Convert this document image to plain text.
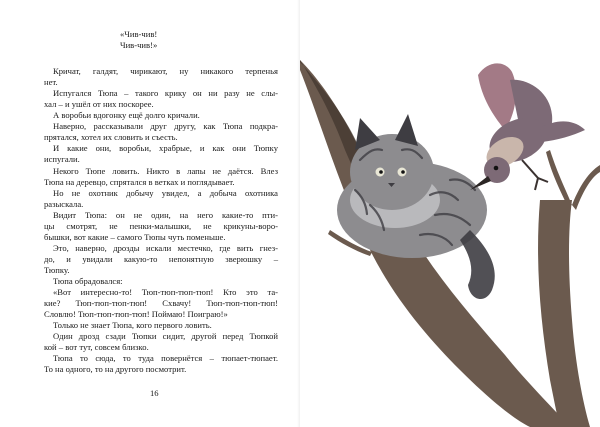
«Чив-чив!
Чив-чив!»
Кричат, галдят, чирикают, ну никакого терпенья
нет.
Испугался Тюпа – такого крику он ни разу не слы-
хал – и ушёл от них поскорее.
А воробьи вдогонку ещё долго кричали.
Наверно, рассказывали друг другу, как Тюпа подкра-
прятался, хотел их словить и съесть.
И какие они, воробьи, храбрые, и как они Тюпку
испугали.
Некого Тюпе ловить. Никто в лапы не даётся. Влез
Тюпа на деревцо, спрятался в ветках и поглядывает.
Но не охотник добычу увидел, а добыча охотника
разыскала.
Видит Тюпа: он не один, на него какие-то пти-
цы смотрят, не пенки-малышки, не крикуны-воро-
бышки, вот какие – самого Тюпы чуть поменьше.
Это, наверно, дрозды искали местечко, где вить гнез-
до, и увидали какую-то непонятную зверюшку –
Тюпку.
Тюпа обрадовался:
«Вот интересно-то! Тюп-тюп-тюп-тюп! Кто это та-
кие? Тюп-тюп-тюп-тюп! Схвачу! Тюп-тюп-тюп-тюп!
Словлю! Тюп-тюп-тюп-тюп! Поймаю! Поиграю!»
Только не знает Тюпа, кого первого ловить.
Один дрозд сзади Тюпки сидит, другой перед Тюпкой
кой – вот тут, совсем близко.
Тюпа то сюда, то туда повернётся – тюпает-тюпает.
То на одного, то на другого посмотрит.
16
